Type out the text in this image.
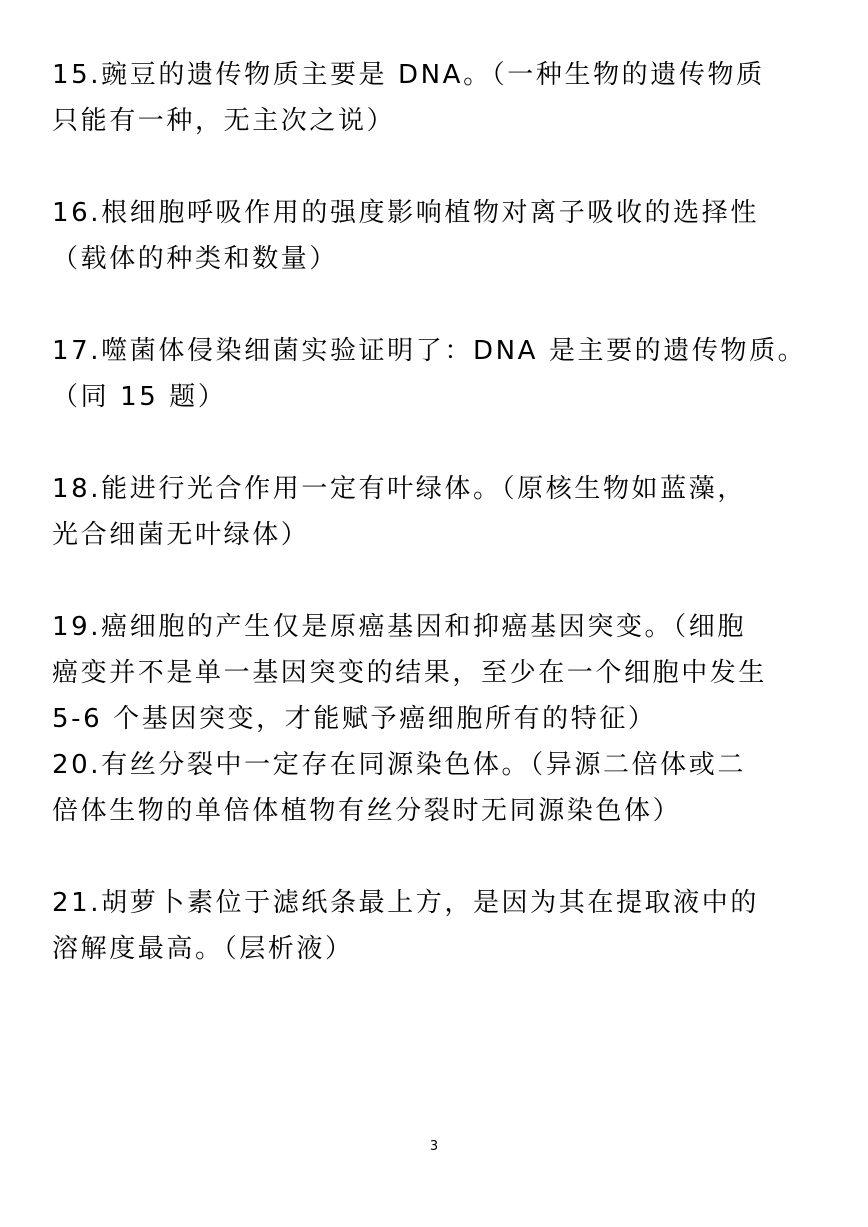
15.豌豆的遗传物质主要是 DNA。（一种生物的遗传物质
只能有一种，无主次之说）

16.根细胞呼吸作用的强度影响植物对离子吸收的选择性
（载体的种类和数量）

17.噬菌体侵染细菌实验证明了：DNA 是主要的遗传物质。
（同 15 题）

18.能进行光合作用一定有叶绿体。（原核生物如蓝藻，
光合细菌无叶绿体）

19.癌细胞的产生仅是原癌基因和抑癌基因突变。（细胞
癌变并不是单一基因突变的结果，至少在一个细胞中发生
5-6 个基因突变，才能赋予癌细胞所有的特征）

20.有丝分裂中一定存在同源染色体。（异源二倍体或二
倍体生物的单倍体植物有丝分裂时无同源染色体）

21.胡萝卜素位于滤纸条最上方，是因为其在提取液中的
溶解度最高。（层析液）

3
